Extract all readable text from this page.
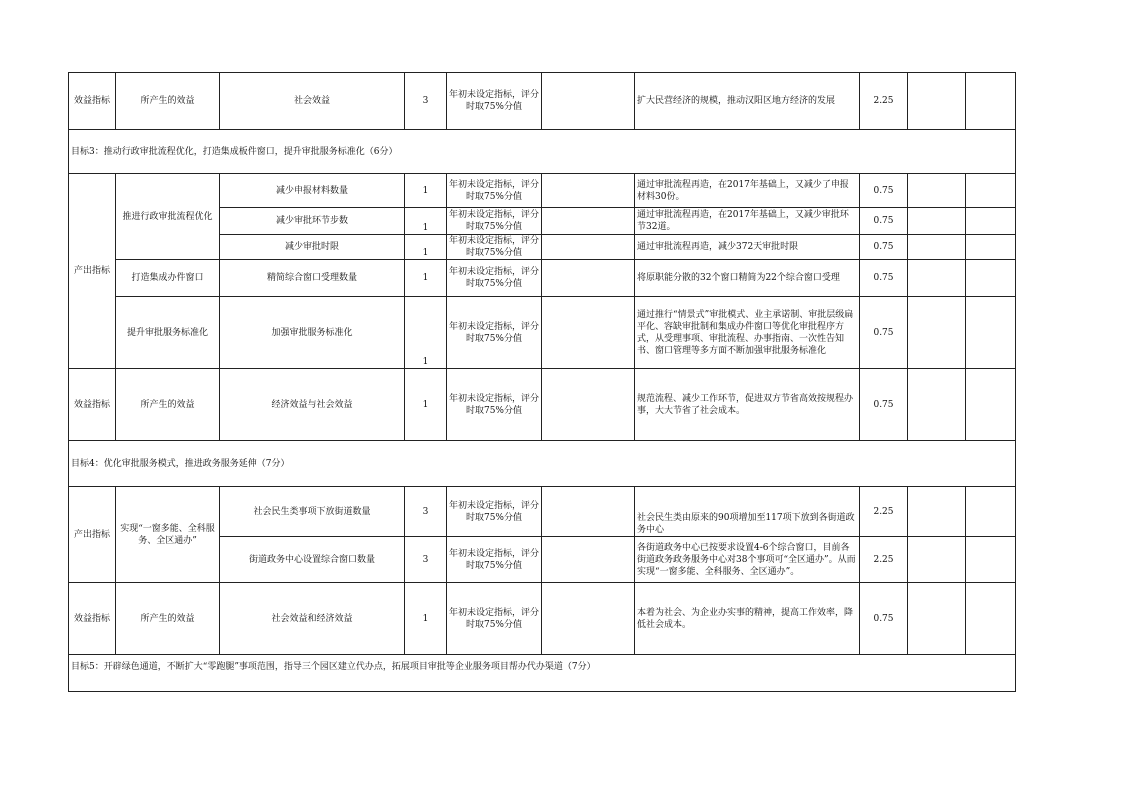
效益指标	所产生的效益	社会效益	3	年初未设定指标，评分时取75%分值		扩大民营经济的规模，推动汉阳区地方经济的发展	2.25		
目标3：推动行政审批流程优化，打造集成板件窗口，提升审批服务标准化（6分）									
产出指标	推进行政审批流程优化	减少申报材料数量	1	年初未设定指标，评分时取75%分值		通过审批流程再造，在2017年基础上，又减少了申报材料30份。	0.75		
		减少审批环节步数	1	年初未设定指标，评分时取75%分值		通过审批流程再造，在2017年基础上，又减少审批环节32道。	0.75		
		减少审批时限	1	年初未设定指标，评分时取75%分值		通过审批流程再造，减少372天审批时限	0.75		
	打造集成办件窗口	精简综合窗口受理数量	1	年初未设定指标，评分时取75%分值		将原职能分散的32个窗口精简为22个综合窗口受理	0.75		
	提升审批服务标准化	加强审批服务标准化	1	年初未设定指标，评分时取75%分值		通过推行“情景式”审批模式、业主承诺制、审批层级扁平化、容缺审批制和集成办件窗口等优化审批程序方式，从受理事项、审批流程、办事指南、一次性告知书、窗口管理等多方面不断加强审批服务标准化	0.75		
效益指标	所产生的效益	经济效益与社会效益	1	年初未设定指标，评分时取75%分值		规范流程、减少工作环节，促进双方节省高效按规程办事，大大节省了社会成本。	0.75		
目标4：优化审批服务模式，推进政务服务延伸（7分）									
产出指标	实现“一窗多能、全科服务、全区通办”	社会民生类事项下放街道数量	3	年初未设定指标，评分时取75%分值		社会民生类由原来的90项增加至117项下放到各街道政务中心	2.25		
		街道政务中心设置综合窗口数量	3	年初未设定指标，评分时取75%分值		各街道政务中心已按要求设置4-6个综合窗口，目前各街道政务政务服务中心对38个事项可“全区通办”。从而实现“一窗多能、全科服务、全区通办”。	2.25		
效益指标	所产生的效益	社会效益和经济效益	1	年初未设定指标，评分时取75%分值		本着为社会、为企业办实事的精神，提高工作效率，降低社会成本。	0.75		
目标5：开辟绿色通道，不断扩大“零跑腿”事项范围，指导三个园区建立代办点，拓展项目审批等企业服务项目帮办代办渠道（7分）									
